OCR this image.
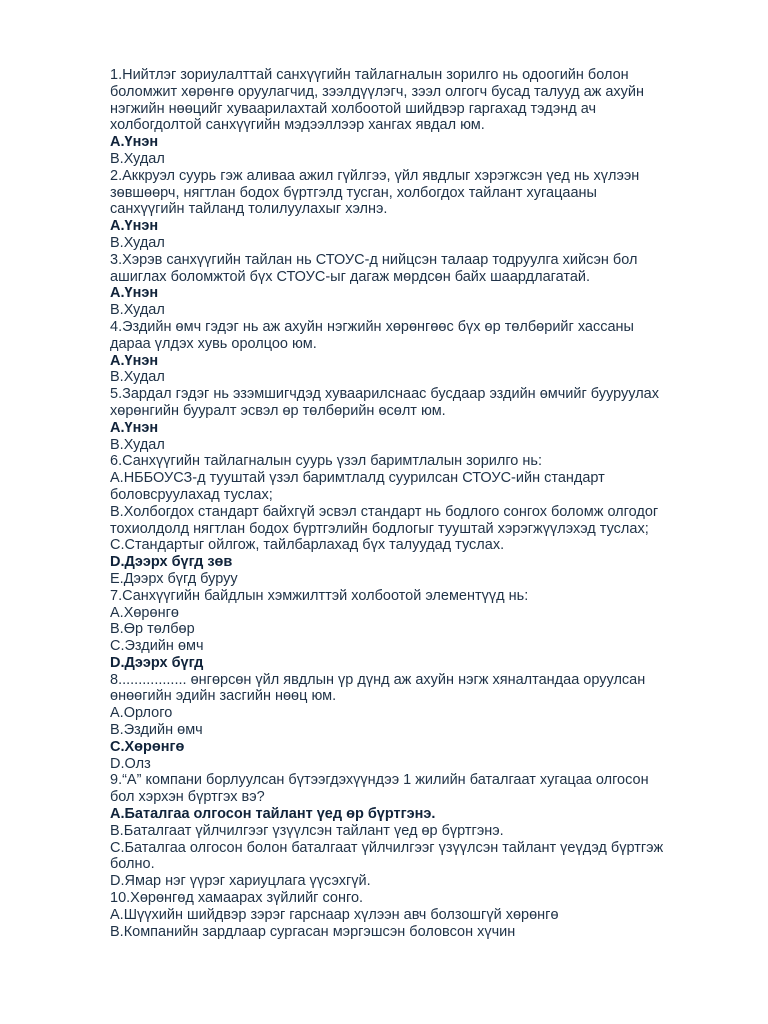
1.Нийтлэг зориулалттай санхүүгийн тайлагналын зорилго нь одоогийн болон
боломжит хөрөнгө оруулагчид, зээлдүүлэгч, зээл олгогч бусад талууд аж ахуйн
нэгжийн нөөцийг хуваарилахтай холбоотой шийдвэр гаргахад тэдэнд ач
холбогдолтой санхүүгийн мэдээллээр хангах явдал юм.
А.Үнэн
В.Худал
2.Аккруэл суурь гэж аливаа ажил гүйлгээ, үйл явдлыг хэрэгжсэн үед нь хүлээн
зөвшөөрч, нягтлан бодох бүртгэлд тусган, холбогдох тайлант хугацааны
санхүүгийн тайланд толилуулахыг хэлнэ.
А.Үнэн
В.Худал
3.Хэрэв санхүүгийн тайлан нь СТОУС-д нийцсэн талаар тодруулга хийсэн бол
ашиглах боломжтой бүх СТОУС-ыг дагаж мөрдсөн байх шаардлагатай.
А.Үнэн
В.Худал
4.Эздийн өмч гэдэг нь аж ахуйн нэгжийн хөрөнгөөс бүх өр төлбөрийг хассаны
дараа үлдэх хувь оролцоо юм.
А.Үнэн
В.Худал
5.Зардал гэдэг нь эзэмшигчдэд хуваарилснаас бусдаар эздийн өмчийг бууруулах
хөрөнгийн бууралт эсвэл өр төлбөрийн өсөлт юм.
А.Үнэн
В.Худал
6.Санхүүгийн тайлагналын суурь үзэл баримтлалын зорилго нь:
А.НББОУСЗ-д тууштай үзэл баримтлалд суурилсан СТОУС-ийн стандарт
боловсруулахад туслах;
В.Холбогдох стандарт байхгүй эсвэл стандарт нь бодлого сонгох боломж олгодог
тохиолдолд нягтлан бодох бүртгэлийн бодлогыг тууштай хэрэгжүүлэхэд туслах;
С.Стандартыг ойлгож, тайлбарлахад бүх талуудад туслах.
D.Дээрх бүгд зөв
Е.Дээрх бүгд буруу
7.Санхүүгийн байдлын хэмжилттэй холбоотой элементүүд нь:
А.Хөрөнгө
В.Өр төлбөр
С.Эздийн өмч
D.Дээрх бүгд
8................. өнгөрсөн үйл явдлын үр дүнд аж ахуйн нэгж хяналтандаа оруулсан
өнөөгийн эдийн засгийн нөөц юм.
А.Орлого
В.Эздийн өмч
С.Хөрөнгө
D.Олз
9.“А” компани борлуулсан бүтээгдэхүүндээ 1 жилийн баталгаат хугацаа олгосон
бол хэрхэн бүртгэх вэ?
А.Баталгаа олгосон тайлант үед өр бүртгэнэ.
В.Баталгаат үйлчилгээг үзүүлсэн тайлант үед өр бүртгэнэ.
С.Баталгаа олгосон болон баталгаат үйлчилгээг үзүүлсэн тайлант үеүдэд бүртгэж
болно.
D.Ямар нэг үүрэг хариуцлага үүсэхгүй.
10.Хөрөнгөд хамаарах зүйлийг сонго.
А.Шүүхийн шийдвэр зэрэг гарснаар хүлээн авч болзошгүй хөрөнгө
В.Компанийн зардлаар сургасан мэргэшсэн боловсон хүчин
